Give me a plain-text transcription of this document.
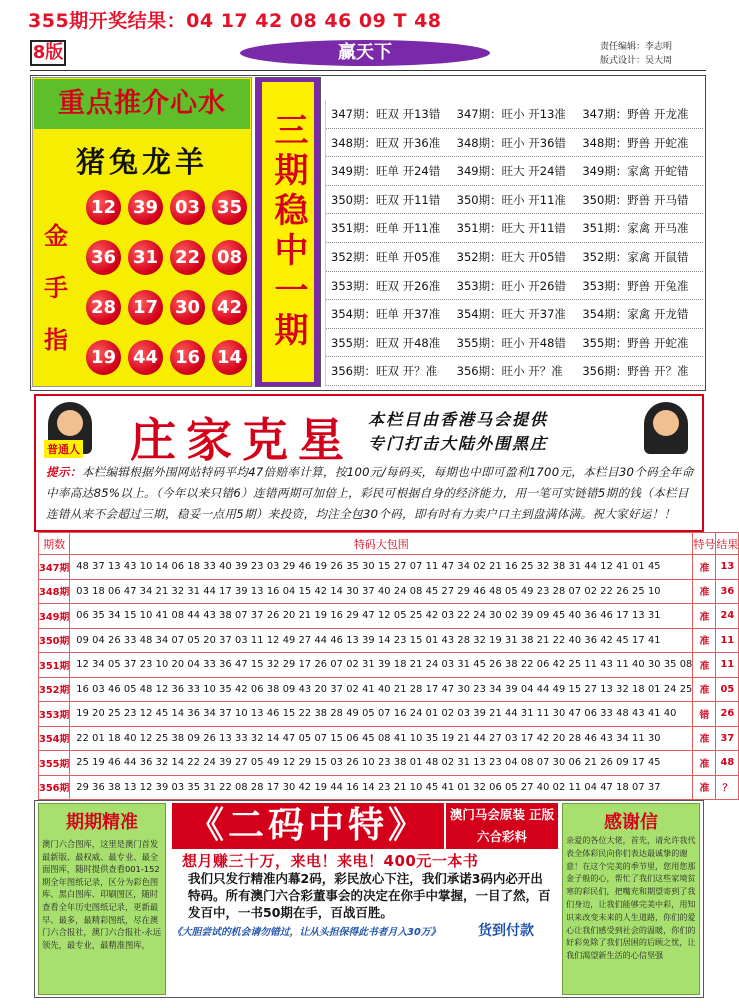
355期开奖结果：04 17 42 08 46 09 T 48
8版	赢天下	责任编辑：李志明
版式设计：吴大周
重点推介心水
猪兔龙羊
金手指
12 39 03 35
36 31 22 08
28 17 30 42
19 44 16 14
三期稳中一期	347期：旺双 开13错	347期：旺小 开13准	347期：野兽 开龙准
348期：旺双 开36准	348期：旺小 开36错	348期：野兽 开蛇准
349期：旺单 开24错	349期：旺大 开24错	349期：家禽 开蛇错
350期：旺双 开11错	350期：旺小 开11准	350期：野兽 开马错
351期：旺单 开11准	351期：旺大 开11错	351期：家禽 开马准
352期：旺单 开05准	352期：旺大 开05错	352期：家禽 开鼠错
353期：旺双 开26准	353期：旺小 开26错	353期：野兽 开兔准
354期：旺单 开37准	354期：旺大 开37准	354期：家禽 开龙错
355期：旺双 开48准	355期：旺小 开48错	355期：野兽 开蛇准
356期：旺双 开？准	356期：旺小 开？准	356期：野兽 开？准
普通人 庄家克星 本栏目由香港马会提供
专门打击大陆外围黑庄
提示：本栏编辑根据外围网站特码平均47倍赔率计算，按100元/每码买，每期也中即可盈利1700元，本栏目30个码全年命中率高达85%以上。（今年以来只错6）连错两期可加倍上，彩民可根据自身的经济能力，用一笔可实链错5期的钱（本栏目连错从来不会超过三期，稳妥一点用5期）来投资，均注全包30个码，即有时有力卖户口主到盘满体满。祝大家好运！！
期数	特码大包围	特号	结果
347期	48 37 13 43 10 14 06 18 33 40 39 23 03 29 46 19 26 35 30 15 27 07 11 47 34 02 21 16 25 32 38 31 44 12 41 01 45	准	13
348期	03 18 06 47 34 21 32 31 44 17 39 13 16 04 15 42 14 30 37 40 24 08 45 27 29 46 48 05 49 23 28 07 02 22 26 25 10	准	36
349期	06 35 34 15 10 41 08 44 43 38 07 37 26 20 21 19 16 29 47 12 05 25 42 03 22 24 30 02 39 09 45 40 36 46 17 13 31	准	24
350期	09 04 26 33 48 34 07 05 20 37 03 11 12 49 27 44 46 13 39 14 23 15 01 43 28 32 19 31 38 21 22 40 36 42 45 17 41	准	11
351期	12 34 05 37 23 10 20 04 33 36 47 15 32 29 17 26 07 02 31 39 18 21 24 03 31 45 26 38 22 06 42 25 11 43 11 40 30 35 08	准	11
352期	16 03 46 05 48 12 36 33 10 35 42 06 38 09 43 20 37 02 41 40 21 28 17 47 30 23 34 39 04 44 49 15 27 13 32 18 01 24 25	准	05
353期	19 20 25 23 12 45 14 36 34 37 10 13 46 15 22 38 28 49 05 07 16 24 01 02 03 39 21 44 31 11 30 47 06 33 48 43 41 40	错	26
354期	22 01 18 40 12 25 38 09 26 13 33 32 14 47 05 07 15 06 45 08 41 10 35 19 21 44 27 03 17 42 20 28 46 43 34 11 30	准	37
355期	25 19 46 44 36 32 14 22 24 39 27 05 49 12 29 15 03 26 10 23 38 01 48 02 31 13 23 04 08 07 30 06 21 26 09 17 45	准	48
356期	29 36 38 13 12 39 03 35 31 22 08 28 17 30 42 19 44 16 14 23 21 10 45 41 01 32 06 05 27 40 02 11 04 47 18 07 37	准	？
期期精准
澳门六合图库，这里是澳门首发最新版、最权威、最专业、最全面图库，随时提供查看001-152期全年图纸记录，区分为彩色图库、黑白图库、印刷图区，随时查看全年历史图纸记录，更新最早、最多，最精彩图纸，尽在澳门六合报社，澳门六合报社-永远领先，最专业，最精准图库，
《二码中特》	澳门马会原装 正版六合彩料
想月赚三十万，来电！来电！400元一本书
我们只发行精准内幕2码，彩民放心下注，我们承诺3码内必开出特码。所有澳门六合彩董事会的决定在你手中掌握，一目了然，百发百中，一书50期在手，百战百胜。
《大胆尝试的机会请勿错过，让从头担保得此书者月入30万》	货到付款
感谢信
亲爱的各位大佬，首先，请允许我代表全体彩民向你们表达最诚挚的谢意！在这个完美的季节里，您用您那金子般的心，帮忙了我们这些家境贫寒的彩民们，把嘴充和期望寄到了我们身边，让我们能够完美中彩，用知识来改变未来的人生道路，你们的爱心让我们感受到社会的温暖，你们的好彩免除了我们居困的后顾之忧，让我们渴望新生活的心信坚强
